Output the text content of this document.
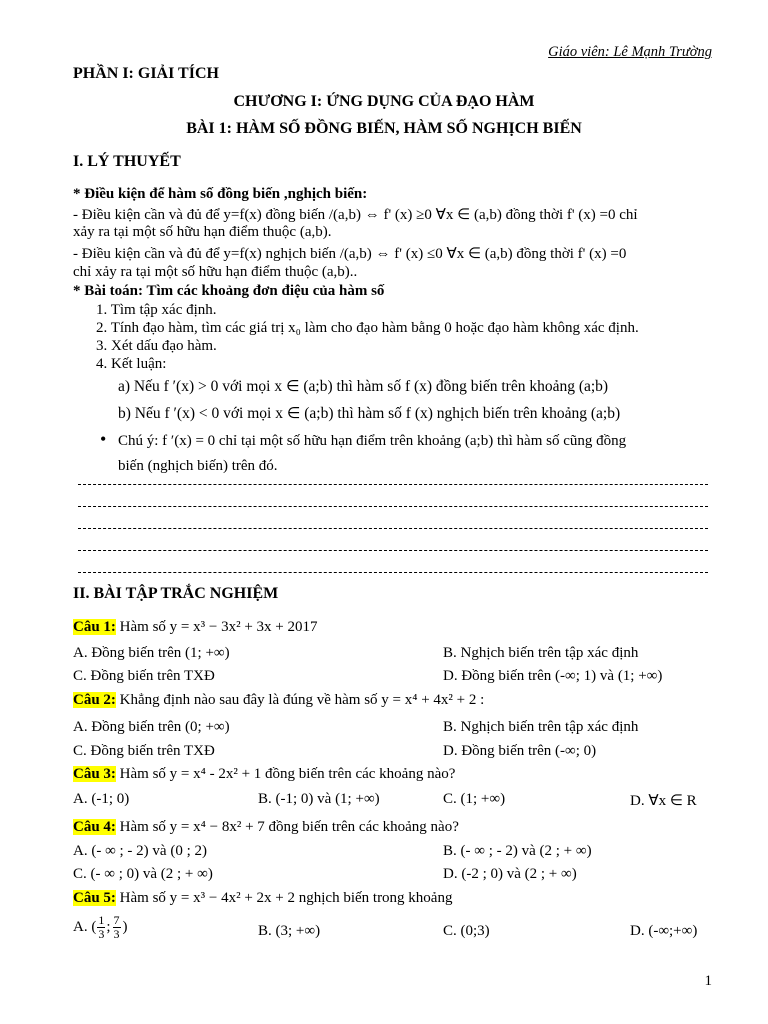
Giáo viên: Lê Mạnh Trường
PHẦN I: GIẢI TÍCH
CHƯƠNG I: ỨNG DỤNG CỦA ĐẠO HÀM
BÀI 1: HÀM SỐ ĐỒNG BIẾN, HÀM SỐ NGHỊCH BIẾN
I. LÝ THUYẾT
* Điều kiện để hàm số đồng biến ,nghịch biến:
- Điều kiện cần và đủ để y=f(x) đồng biến /(a,b) ⇔ f' (x) ≥0 ∀x ∈ (a,b) đồng thời f' (x) =0 chỉ
xảy ra tại một số hữu hạn điểm thuộc (a,b).
- Điều kiện cần và đủ để y=f(x) nghịch biến /(a,b) ⇔ f' (x) ≤0 ∀x ∈ (a,b) đồng thời f' (x) =0
chỉ xảy ra tại một số hữu hạn điểm thuộc (a,b)..
* Bài toán: Tìm các khoảng đơn điệu của hàm số
1. Tìm tập xác định.
2. Tính đạo hàm, tìm các giá trị x₀ làm cho đạo hàm bằng 0 hoặc đạo hàm không xác định.
3. Xét dấu đạo hàm.
4. Kết luận:
a) Nếu f ′(x) > 0 với mọi x ∈ (a;b) thì hàm số f (x) đồng biến trên khoảng (a;b)
b) Nếu f ′(x) < 0 với mọi x ∈ (a;b) thì hàm số f (x) nghịch biến trên khoảng (a;b)
• Chú ý: f ′(x) = 0 chỉ tại một số hữu hạn điểm trên khoảng (a;b) thì hàm số cũng đồng
biến (nghịch biến) trên đó.
II. BÀI TẬP TRẮC NGHIỆM
Câu 1: Hàm số y = x³ − 3x² + 3x + 2017
A. Đồng biến trên (1; +∞)	B. Nghịch biến trên tập xác định
C. Đồng biến trên TXĐ	D. Đồng biến trên (-∞; 1) và (1; +∞)
Câu 2: Khẳng định nào sau đây là đúng về hàm số y = x⁴ + 4x² + 2 :
A. Đồng biến trên (0; +∞)	B. Nghịch biến trên tập xác định
C. Đồng biến trên TXĐ	D. Đồng biến trên (-∞; 0)
Câu 3: Hàm số y = x⁴ - 2x² + 1 đồng biến trên các khoảng nào?
A. (-1; 0)	B. (-1; 0) và (1; +∞)	C. (1; +∞)	D. ∀x ∈ R
Câu 4: Hàm số y = x⁴ − 8x² + 7 đồng biến trên các khoảng nào?
A. (- ∞ ; - 2) và (0 ; 2)	B. (- ∞ ; - 2) và (2 ; + ∞)
C. (- ∞ ; 0) và (2 ; + ∞)	D. (-2 ; 0) và (2 ; + ∞)
Câu 5: Hàm số y = x³ − 4x² + 2x + 2 nghịch biến trong khoảng
A. ( 1
3 ; 7
3 )	B. (3; +∞)	C. (0;3)	D. (-∞;+∞)
1
